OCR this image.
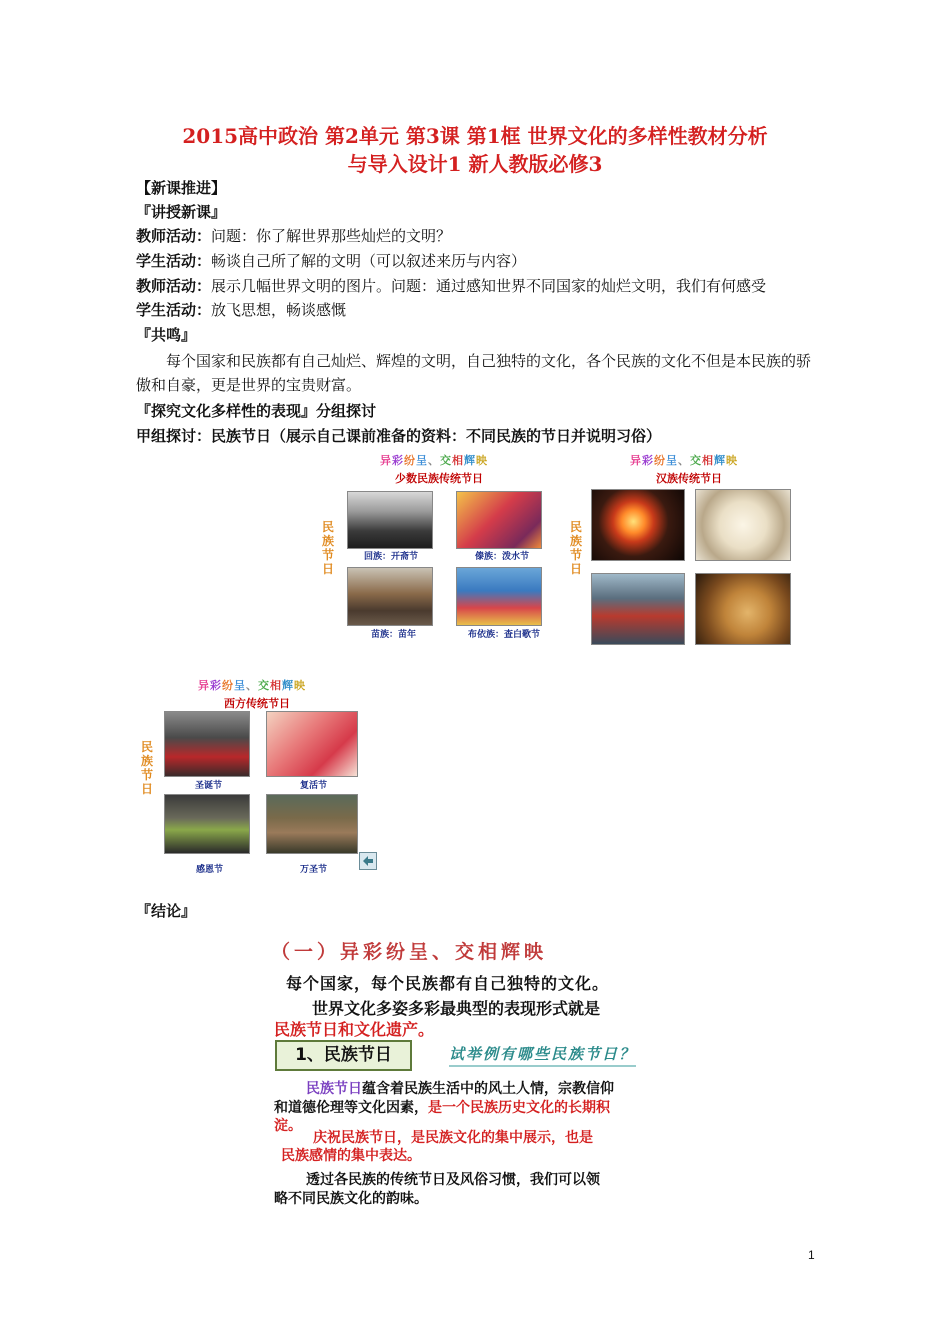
2015高中政治 第2单元 第3课 第1框 世界文化的多样性教材分析
与导入设计1 新人教版必修3
【新课推进】
『讲授新课』
教师活动：问题：你了解世界那些灿烂的文明？
学生活动：畅谈自己所了解的文明（可以叙述来历与内容）
教师活动：展示几幅世界文明的图片。问题：通过感知世界不同国家的灿烂文明，我们有何感受
学生活动：放飞思想，畅谈感慨
『共鸣』
每个国家和民族都有自己灿烂、辉煌的文明，自己独特的文化，各个民族的文化不但是本民族的骄傲和自豪，更是世界的宝贵财富。
『探究文化多样性的表现』分组探讨
甲组探讨：民族节日（展示自己课前准备的资料：不同民族的节日并说明习俗）
异彩纷呈、交相辉映
少数民族传统节日
民族节日
回族：开斋节	傣族：泼水节
苗族：苗年	布依族：查白歌节
异彩纷呈、交相辉映
汉族传统节日
民族节日
异彩纷呈、交相辉映
西方传统节日
民族节日	圣诞节	复活节
感恩节	万圣节
『结论』
（一）异彩纷呈、交相辉映
每个国家，每个民族都有自己独特的文化。
世界文化多姿多彩最典型的表现形式就是
民族节日和文化遗产。
1、民族节日	试举例有哪些民族节日？
民族节日蕴含着民族生活中的风土人情，宗教信仰
和道德伦理等文化因素，是一个民族历史文化的长期积
淀。
庆祝民族节日，是民族文化的集中展示，也是
民族感情的集中表达。
透过各民族的传统节日及风俗习惯，我们可以领
略不同民族文化的韵味。
1
